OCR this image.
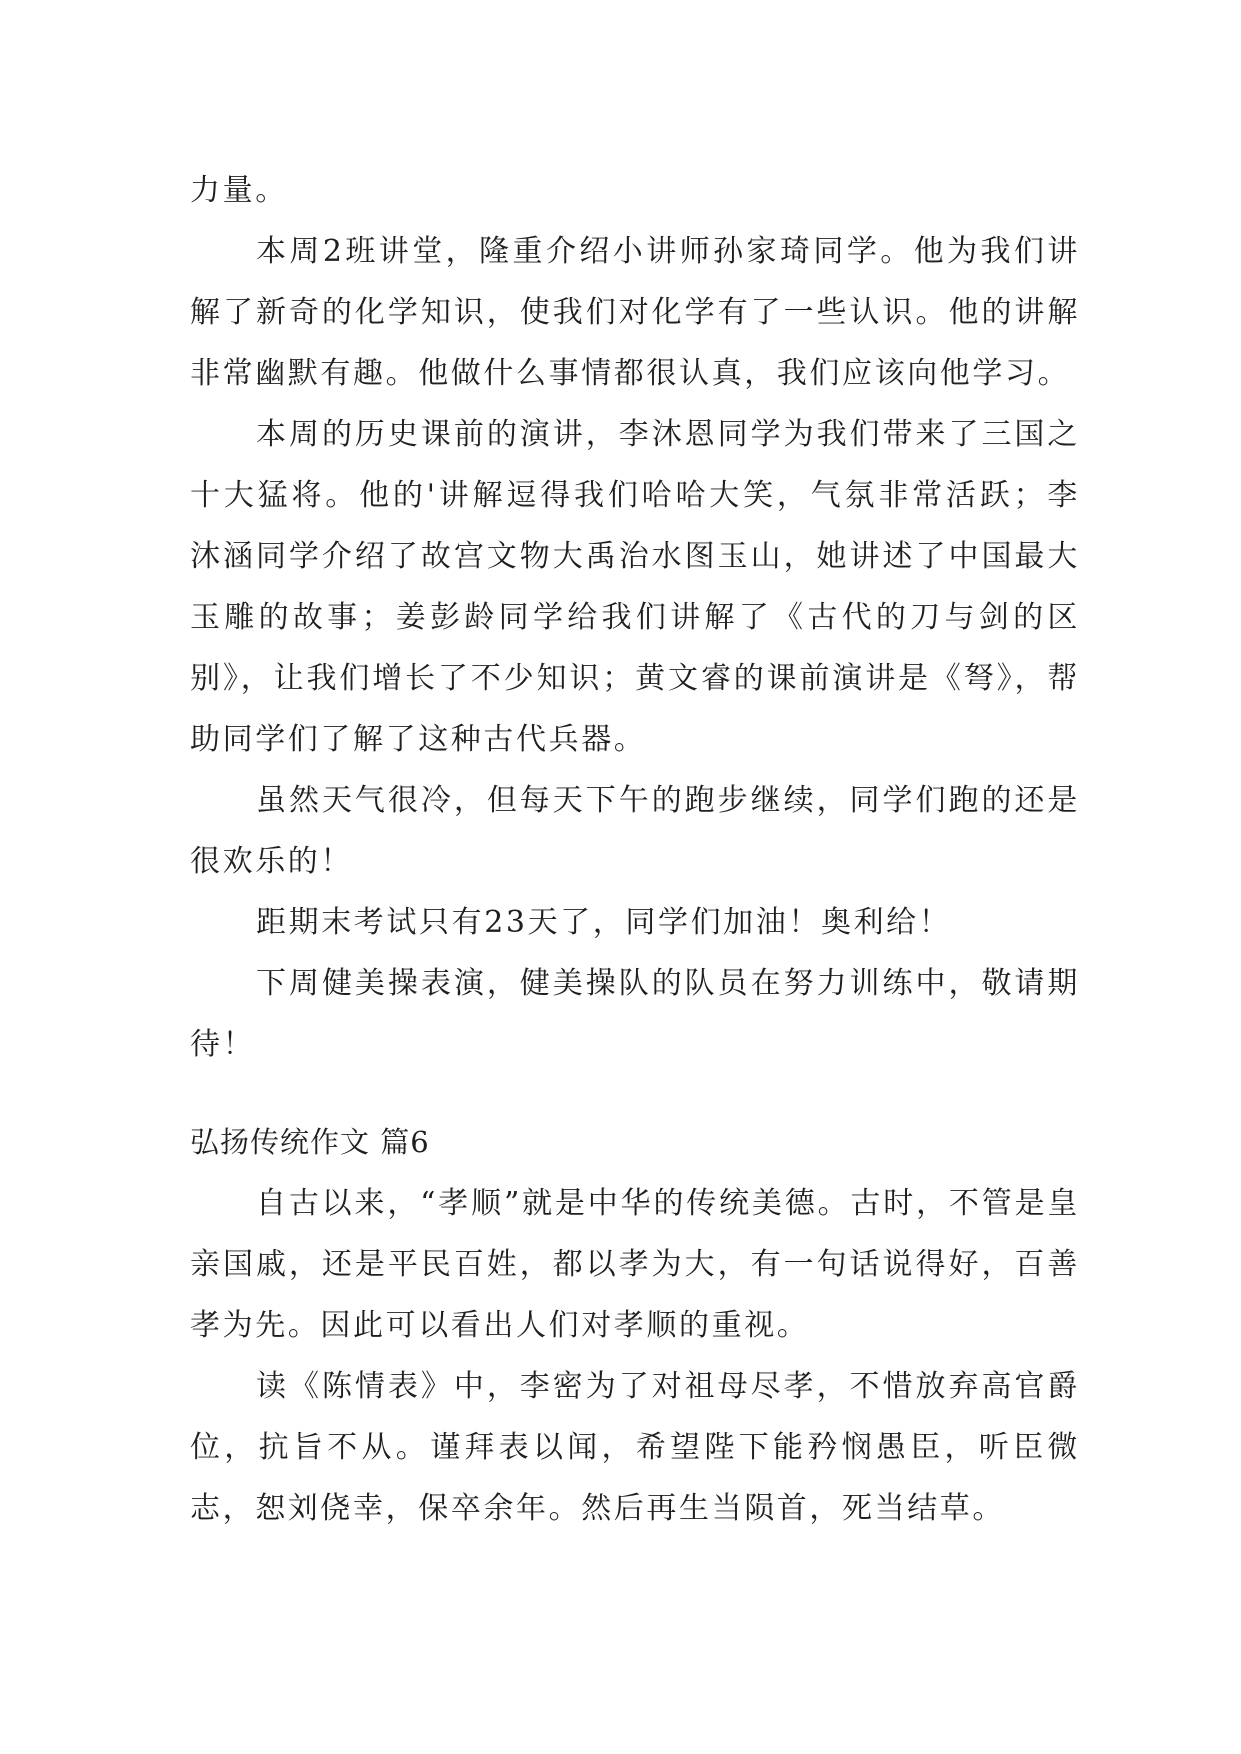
力量。

本周2班讲堂，隆重介绍小讲师孙家琦同学。他为我们讲解了新奇的化学知识，使我们对化学有了一些认识。他的讲解非常幽默有趣。他做什么事情都很认真，我们应该向他学习。

本周的历史课前的演讲，李沐恩同学为我们带来了三国之十大猛将。他的'讲解逗得我们哈哈大笑，气氛非常活跃；李沐涵同学介绍了故宫文物大禹治水图玉山，她讲述了中国最大玉雕的故事；姜彭龄同学给我们讲解了《古代的刀与剑的区别》，让我们增长了不少知识；黄文睿的课前演讲是《弩》，帮助同学们了解了这种古代兵器。

虽然天气很冷，但每天下午的跑步继续，同学们跑的还是很欢乐的！

距期末考试只有23天了，同学们加油！奥利给！

下周健美操表演，健美操队的队员在努力训练中，敬请期待！

弘扬传统作文 篇6

自古以来，“孝顺”就是中华的传统美德。古时，不管是皇亲国戚，还是平民百姓，都以孝为大，有一句话说得好，百善孝为先。因此可以看出人们对孝顺的重视。

读《陈情表》中，李密为了对祖母尽孝，不惜放弃高官爵位，抗旨不从。谨拜表以闻，希望陛下能矜悯愚臣，听臣微志，恕刘侥幸，保卒余年。然后再生当陨首，死当结草。
